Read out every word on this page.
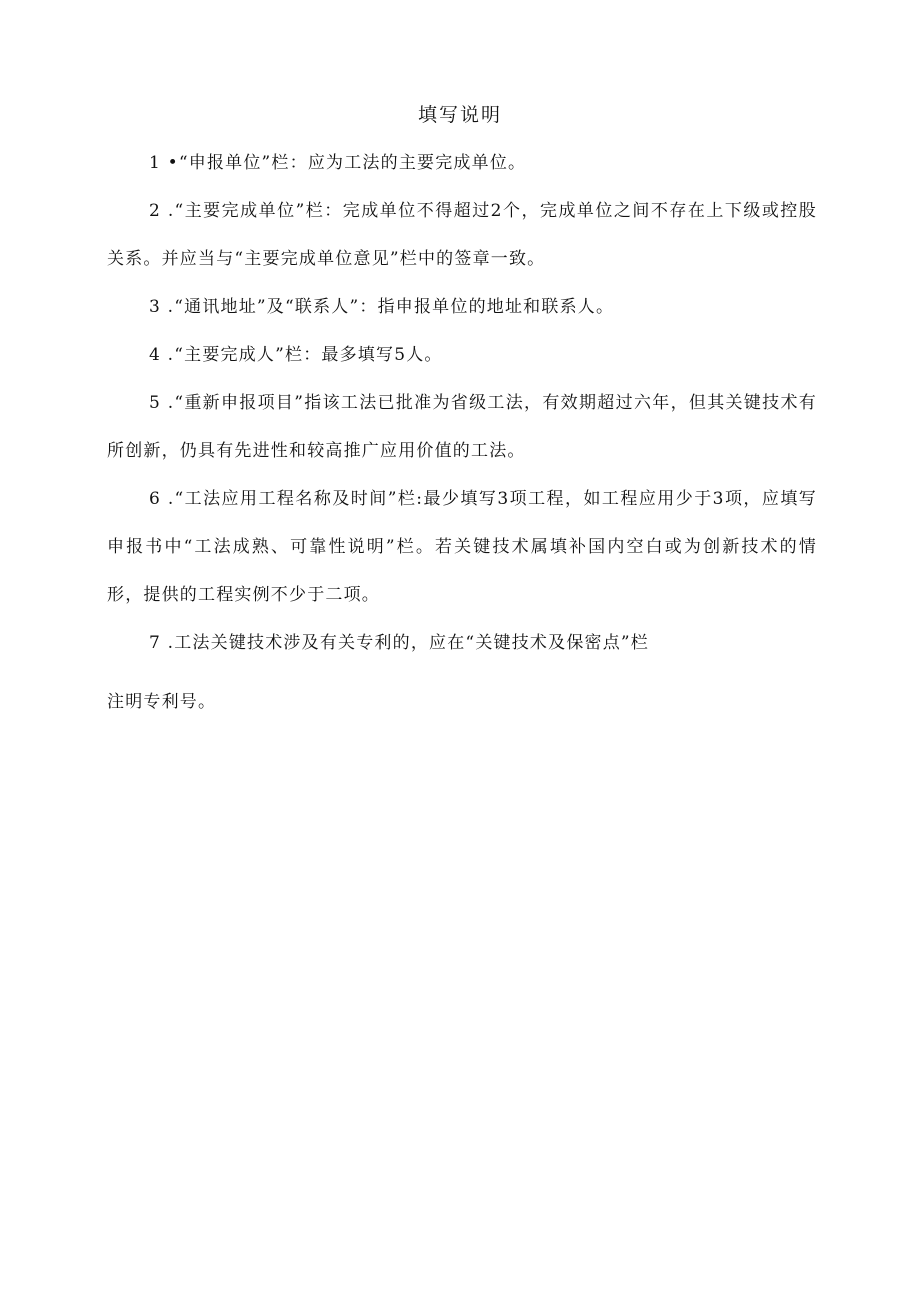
填写说明
1 •“申报单位”栏：应为工法的主要完成单位。
2 .“主要完成单位”栏：完成单位不得超过2个，完成单位之间不存在上下级或控股关系。并应当与“主要完成单位意见”栏中的签章一致。
3 .“通讯地址”及“联系人”：指申报单位的地址和联系人。
4 .“主要完成人”栏：最多填写5人。
5 .“重新申报项目”指该工法已批准为省级工法，有效期超过六年，但其关键技术有所创新，仍具有先进性和较高推广应用价值的工法。
6 .“工法应用工程名称及时间”栏:最少填写3项工程，如工程应用少于3项，应填写申报书中“工法成熟、可靠性说明”栏。若关键技术属填补国内空白或为创新技术的情形，提供的工程实例不少于二项。
7 .工法关键技术涉及有关专利的，应在“关键技术及保密点”栏
注明专利号。
